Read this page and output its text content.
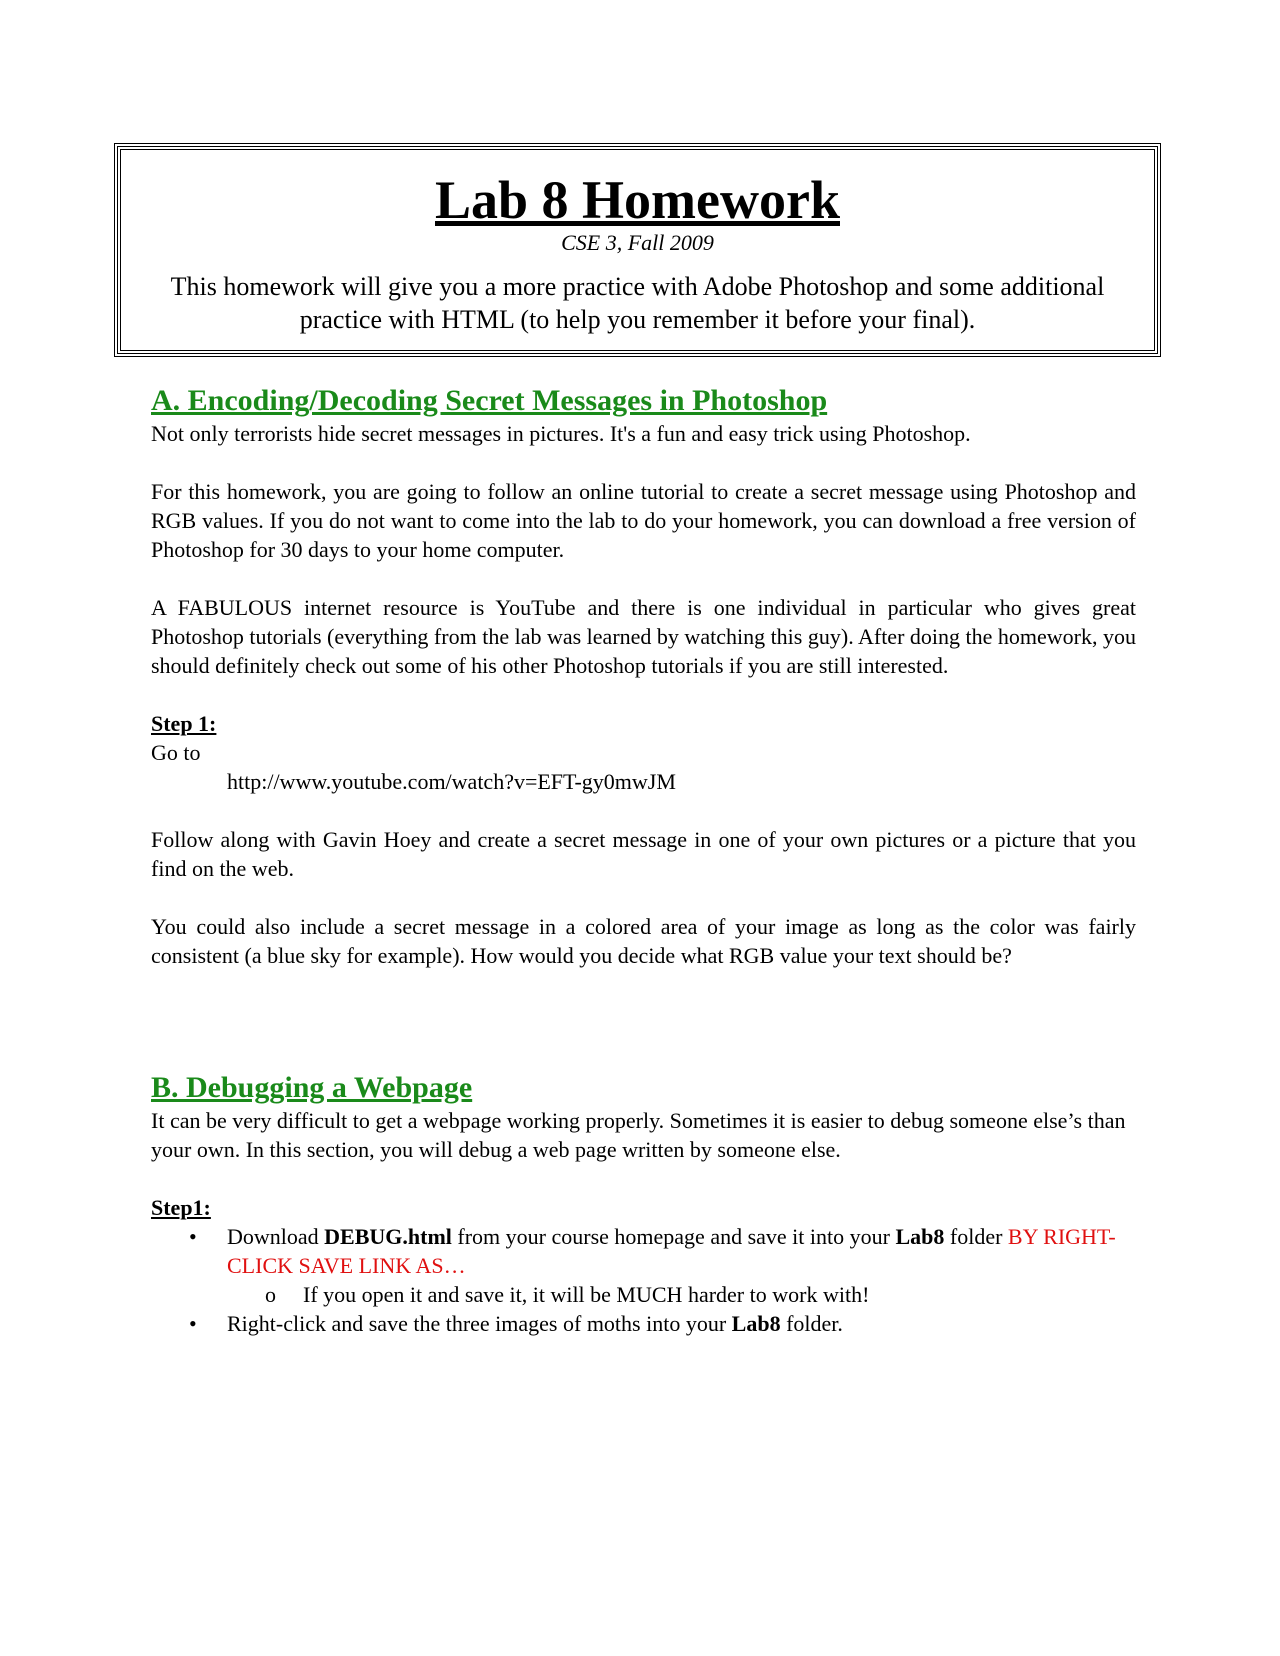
Lab 8 Homework
CSE 3, Fall 2009
This homework will give you a more practice with Adobe Photoshop and some additional practice with HTML (to help you remember it before your final).
A. Encoding/Decoding Secret Messages in Photoshop

Not only terrorists hide secret messages in pictures. It's a fun and easy trick using Photoshop.

For this homework, you are going to follow an online tutorial to create a secret message using Photoshop and RGB values. If you do not want to come into the lab to do your homework, you can download a free version of Photoshop for 30 days to your home computer.

A FABULOUS internet resource is YouTube and there is one individual in particular who gives great Photoshop tutorials (everything from the lab was learned by watching this guy). After doing the homework, you should definitely check out some of his other Photoshop tutorials if you are still interested.

Step 1:

Go to

http://www.youtube.com/watch?v=EFT-gy0mwJM

Follow along with Gavin Hoey and create a secret message in one of your own pictures or a picture that you find on the web.

You could also include a secret message in a colored area of your image as long as the color was fairly consistent (a blue sky for example). How would you decide what RGB value your text should be?

B. Debugging a Webpage

It can be very difficult to get a webpage working properly. Sometimes it is easier to debug someone else’s than your own. In this section, you will debug a web page written by someone else.

Step1:

• Download DEBUG.html from your course homepage and save it into your Lab8 folder BY RIGHT-CLICK SAVE LINK AS…
o If you open it and save it, it will be MUCH harder to work with!
• Right-click and save the three images of moths into your Lab8 folder.
